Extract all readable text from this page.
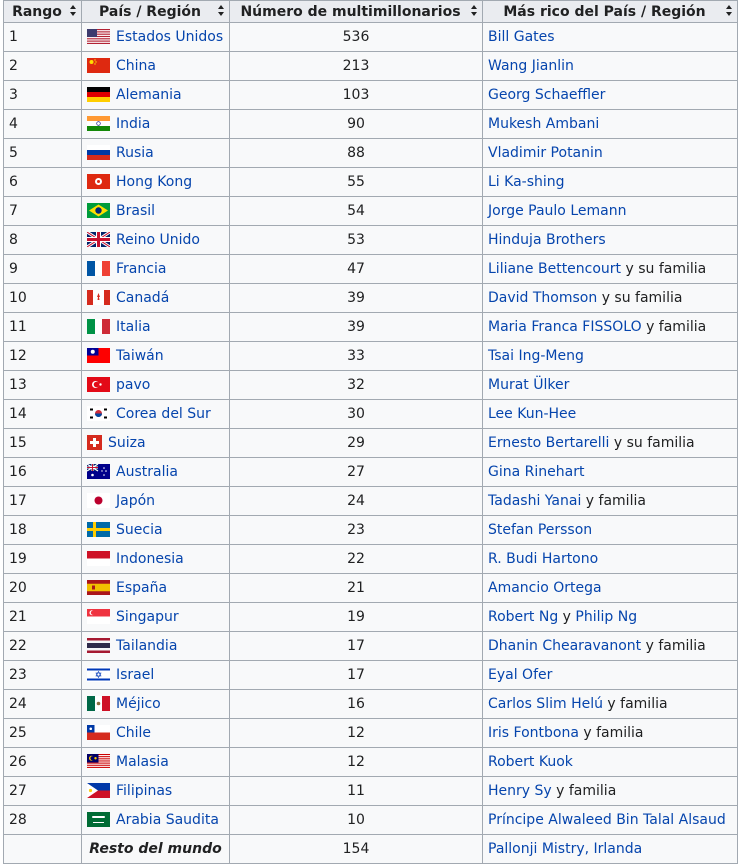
Rango	País / Región	Número de multimillonarios	Más rico del País / Región

1	Estados Unidos	536	Bill Gates
2	China	213	Wang Jianlin
3	Alemania	103	Georg Schaeffler
4	India	90	Mukesh Ambani
5	Rusia	88	Vladimir Potanin
6	Hong Kong	55	Li Ka-shing
7	Brasil	54	Jorge Paulo Lemann
8	Reino Unido	53	Hinduja Brothers
9	Francia	47	Liliane Bettencourt y su familia
10	Canadá	39	David Thomson y su familia
11	Italia	39	Maria Franca FISSOLO y familia
12	Taiwán	33	Tsai Ing-Meng
13	pavo	32	Murat Ülker
14	Corea del Sur	30	Lee Kun-Hee
15	Suiza	29	Ernesto Bertarelli y su familia
16	Australia	27	Gina Rinehart
17	Japón	24	Tadashi Yanai y familia
18	Suecia	23	Stefan Persson
19	Indonesia	22	R. Budi Hartono
20	España	21	Amancio Ortega
21	Singapur	19	Robert Ng y Philip Ng
22	Tailandia	17	Dhanin Chearavanont y familia
23	Israel	17	Eyal Ofer
24	Méjico	16	Carlos Slim Helú y familia
25	Chile	12	Iris Fontbona y familia
26	Malasia	12	Robert Kuok
27	Filipinas	11	Henry Sy y familia
28	Arabia Saudita	10	Príncipe Alwaleed Bin Talal Alsaud
	Resto del mundo	154	Pallonji Mistry, Irlanda
